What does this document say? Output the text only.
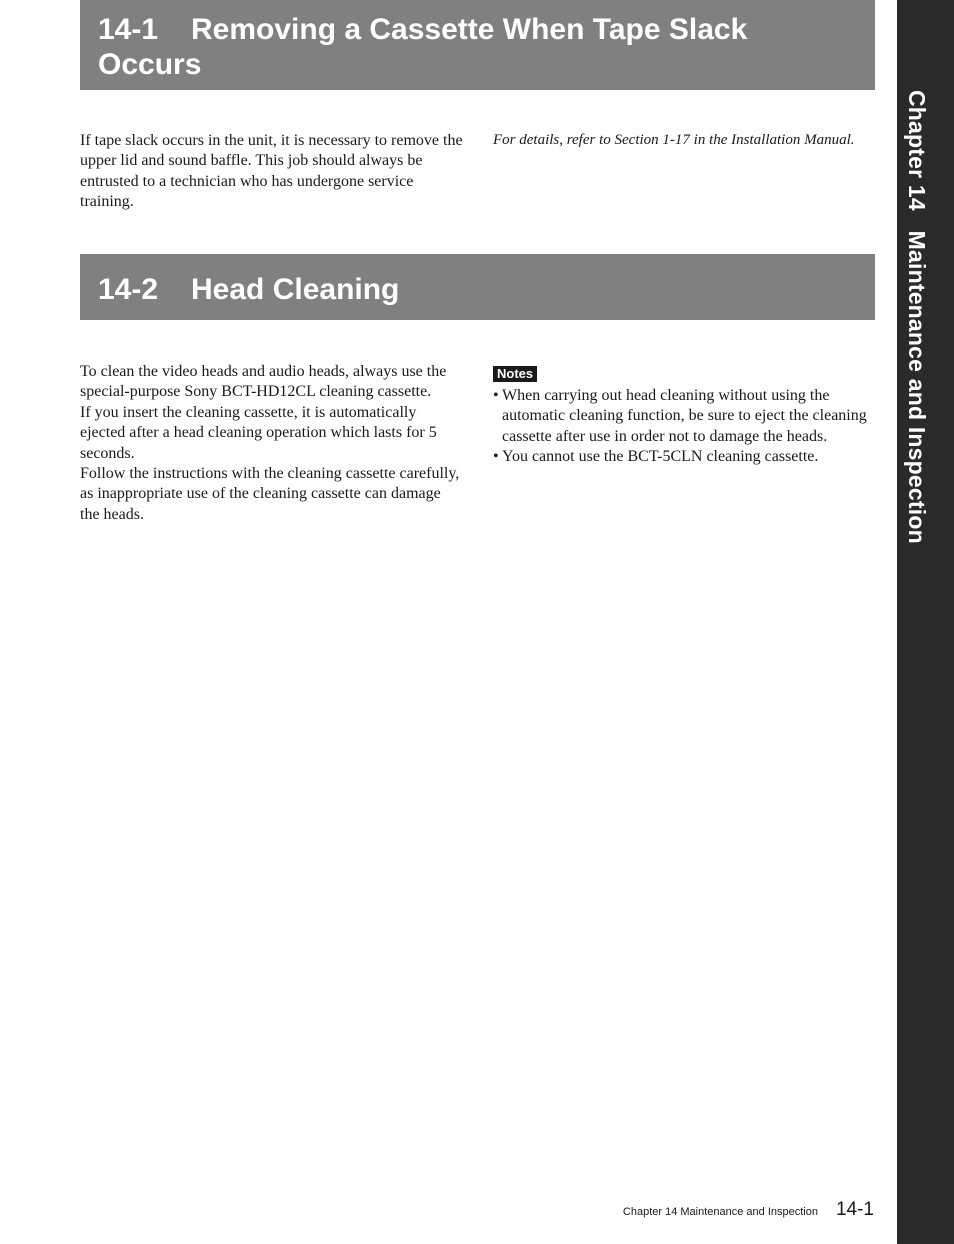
14-1 Removing a Cassette When Tape Slack Occurs

If tape slack occurs in the unit, it is necessary to remove the upper lid and sound baffle. This job should always be entrusted to a technician who has undergone service training.

For details, refer to Section 1-17 in the Installation Manual.

14-2 Head Cleaning

To clean the video heads and audio heads, always use the special-purpose Sony BCT-HD12CL cleaning cassette.

If you insert the cleaning cassette, it is automatically ejected after a head cleaning operation which lasts for 5 seconds.

Follow the instructions with the cleaning cassette carefully, as inappropriate use of the cleaning cassette can damage the heads.

Notes
• When carrying out head cleaning without using the automatic cleaning function, be sure to eject the cleaning cassette after use in order not to damage the heads.
• You cannot use the BCT-5CLN cleaning cassette.	Chapter 14   Maintenance and Inspection
Chapter 14 Maintenance and Inspection 14-1
